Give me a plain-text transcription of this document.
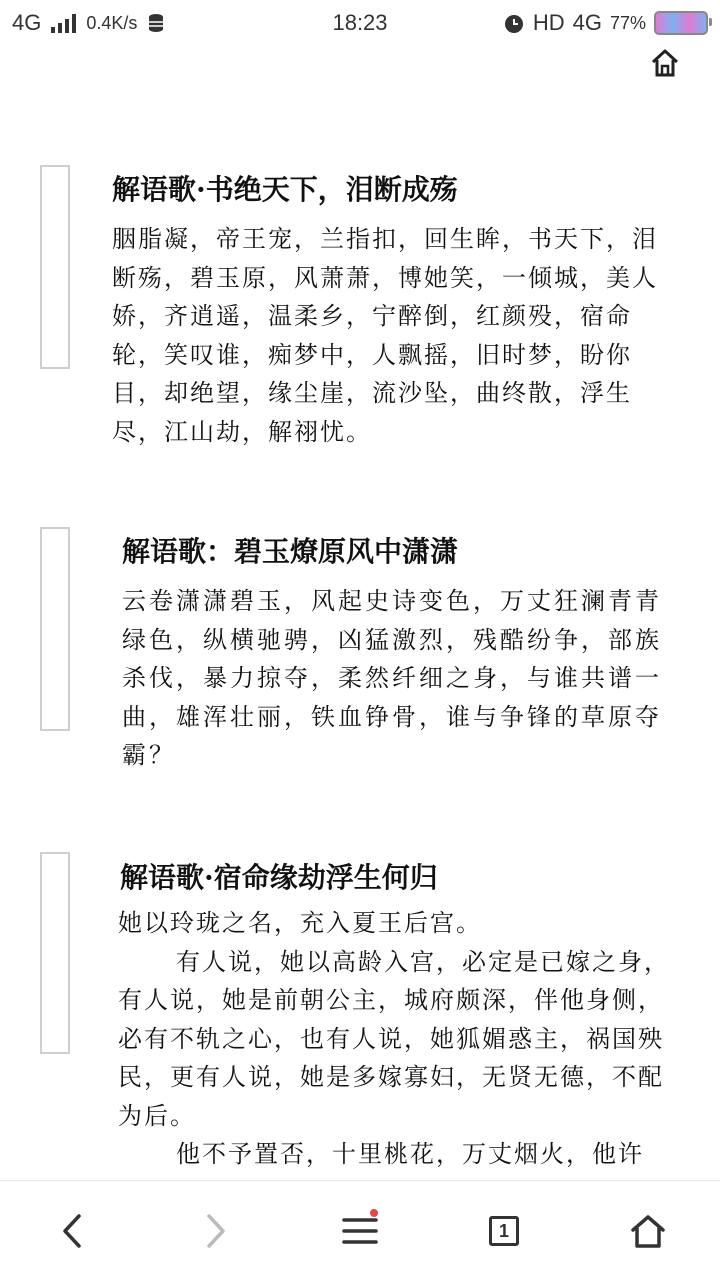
4G	0.4K/s	18:23	HD 4G 77%
解语歌·书绝天下，泪断成殇

胭脂凝，帝王宠，兰指扣，回生眸，书天下，泪断殇，碧玉原，风萧萧，博她笑，一倾城，美人娇，齐逍遥，温柔乡，宁醉倒，红颜殁，宿命轮，笑叹谁，痴梦中，人飘摇，旧时梦，盼你目，却绝望，缘尘崖，流沙坠，曲终散，浮生尽，江山劫，解祤忧。

解语歌：碧玉燎原风中潇潇

云卷潇潇碧玉，风起史诗变色，万丈狂澜青青绿色，纵横驰骋，凶猛激烈，残酷纷争，部族杀伐，暴力掠夺，柔然纤细之身，与谁共谱一曲，雄浑壮丽，铁血铮骨，谁与争锋的草原夺霸？

解语歌·宿命缘劫浮生何归

她以玲珑之名，充入夏王后宫。

有人说，她以高龄入宫，必定是已嫁之身，有人说，她是前朝公主，城府颇深，伴他身侧，必有不轨之心，也有人说，她狐媚惑主，祸国殃民，更有人说，她是多嫁寡妇，无贤无德，不配为后。

他不予置否，十里桃花，万丈烟火，他许

1
